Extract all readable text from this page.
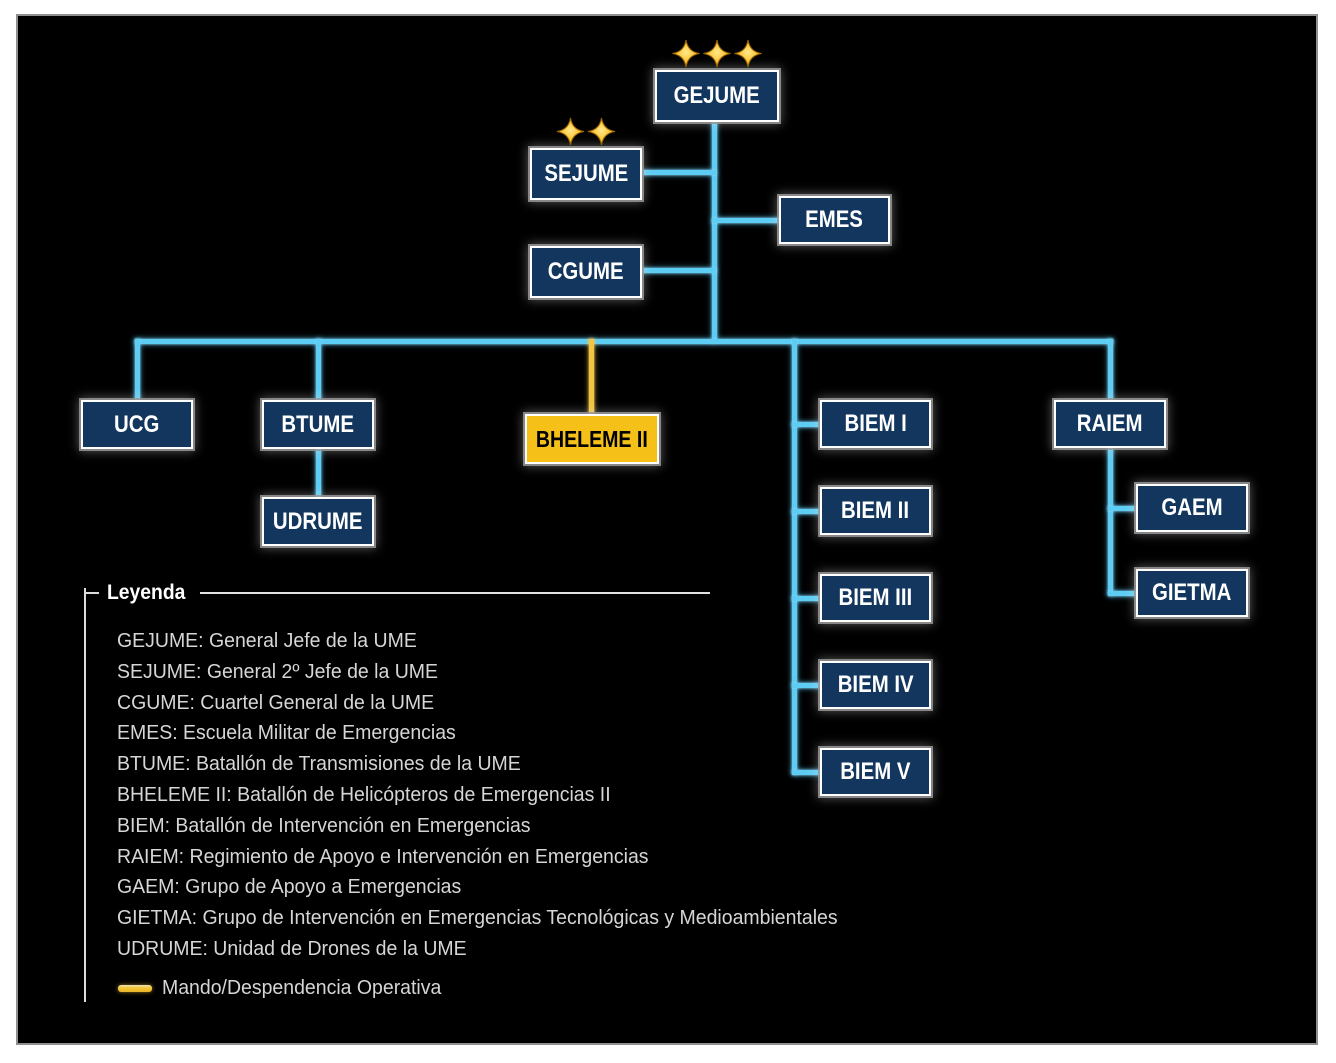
Leyenda
GEJUME: General Jefe de la UME
SEJUME: General 2º Jefe de la UME
CGUME: Cuartel General de la UME
EMES: Escuela Militar de Emergencias
BTUME: Batallón de Transmisiones de la UME
BHELEME II: Batallón de Helicópteros de Emergencias II
BIEM: Batallón de Intervención en Emergencias
RAIEM: Regimiento de Apoyo e Intervención en Emergencias
GAEM: Grupo de Apoyo a Emergencias
GIETMA: Grupo de Intervención en Emergencias Tecnológicas y Medioambientales
UDRUME: Unidad de Drones de la UME
Mando/Despendencia Operativa
GEJUME
SEJUME
CGUME
EMES
UCG	BTUME
UDRUME
BHELEME II
BIEM I
BIEM II
BIEM III
BIEM IV
BIEM V
RAIEM
GAEM
GIETMA
